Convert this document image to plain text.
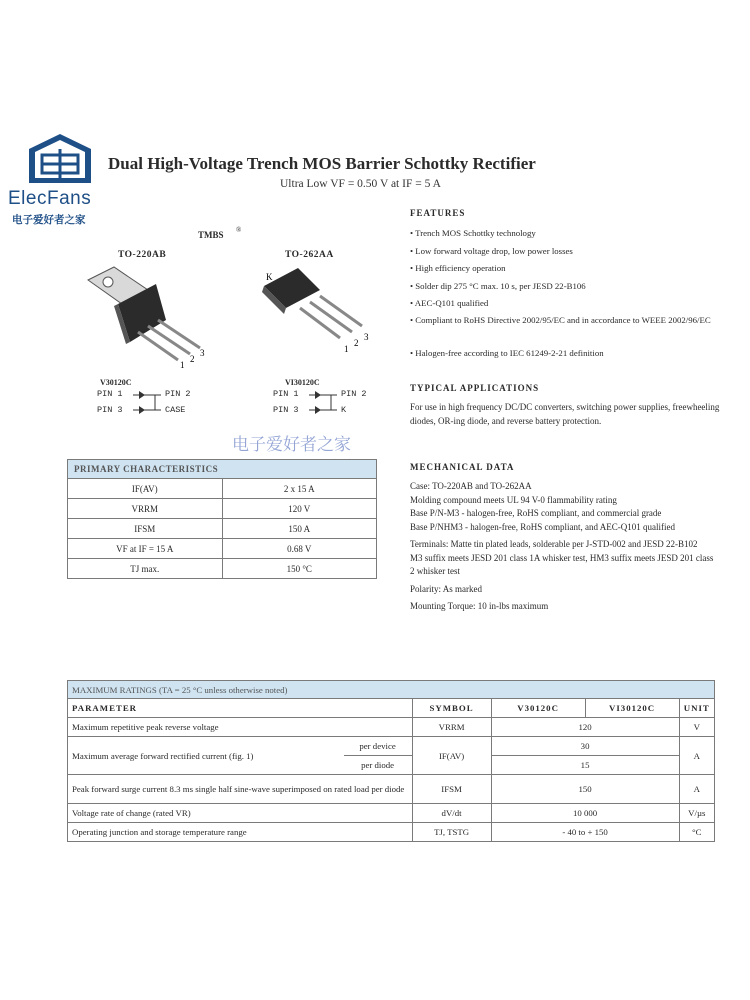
ElecFans
电子爱好者之家
Dual High-Voltage Trench MOS Barrier Schottky Rectifier
Ultra Low VF = 0.50 V at IF = 5 A
TMBS ®
TO-220AB
V30120C
PIN 1
PIN 3
PIN 2
CASE
TO-262AA
K
1
2
3
1
2
3
VI30120C
PIN 1
PIN 3
PIN 2
K
FEATURES
• Trench MOS Schottky technology
• Low forward voltage drop, low power losses
• High efficiency operation
• Solder dip 275 °C max. 10 s, per JESD 22-B106
• AEC-Q101 qualified
• Compliant to RoHS Directive 2002/95/EC and in accordance to WEEE 2002/96/EC
• Halogen-free according to IEC 61249-2-21 definition
TYPICAL APPLICATIONS
For use in high frequency DC/DC converters, switching power supplies, freewheeling diodes, OR-ing diode, and reverse battery protection.
MECHANICAL DATA
Case: TO-220AB and TO-262AA
Molding compound meets UL 94 V-0 flammability rating
Base P/N-M3 - halogen-free, RoHS compliant, and commercial grade
Base P/NHM3 - halogen-free, RoHS compliant, and AEC-Q101 qualified
Terminals: Matte tin plated leads, solderable per J-STD-002 and JESD 22-B102
M3 suffix meets JESD 201 class 1A whisker test, HM3 suffix meets JESD 201 class 2 whisker test
Polarity: As marked
Mounting Torque: 10 in-lbs maximum
电子爱好者之家
PRIMARY CHARACTERISTICS	
IF(AV)	2 x 15 A
VRRM	120 V
IFSM	150 A
VF at IF = 15 A	0.68 V
TJ max.	150 °C
MAXIMUM RATINGS (TA = 25 °C unless otherwise noted)					
PARAMETER		SYMBOL	V30120C	VI30120C	UNIT
Maximum repetitive peak reverse voltage		VRRM	120		V
Maximum average forward rectified current (fig. 1)	per device	IF(AV)	30		A
	per diode		15		
Peak forward surge current 8.3 ms single half sine-wave superimposed on rated load per diode		IFSM	150		A
Voltage rate of change (rated VR)		dV/dt	10 000		V/µs
Operating junction and storage temperature range		TJ, TSTG	- 40 to + 150		°C
